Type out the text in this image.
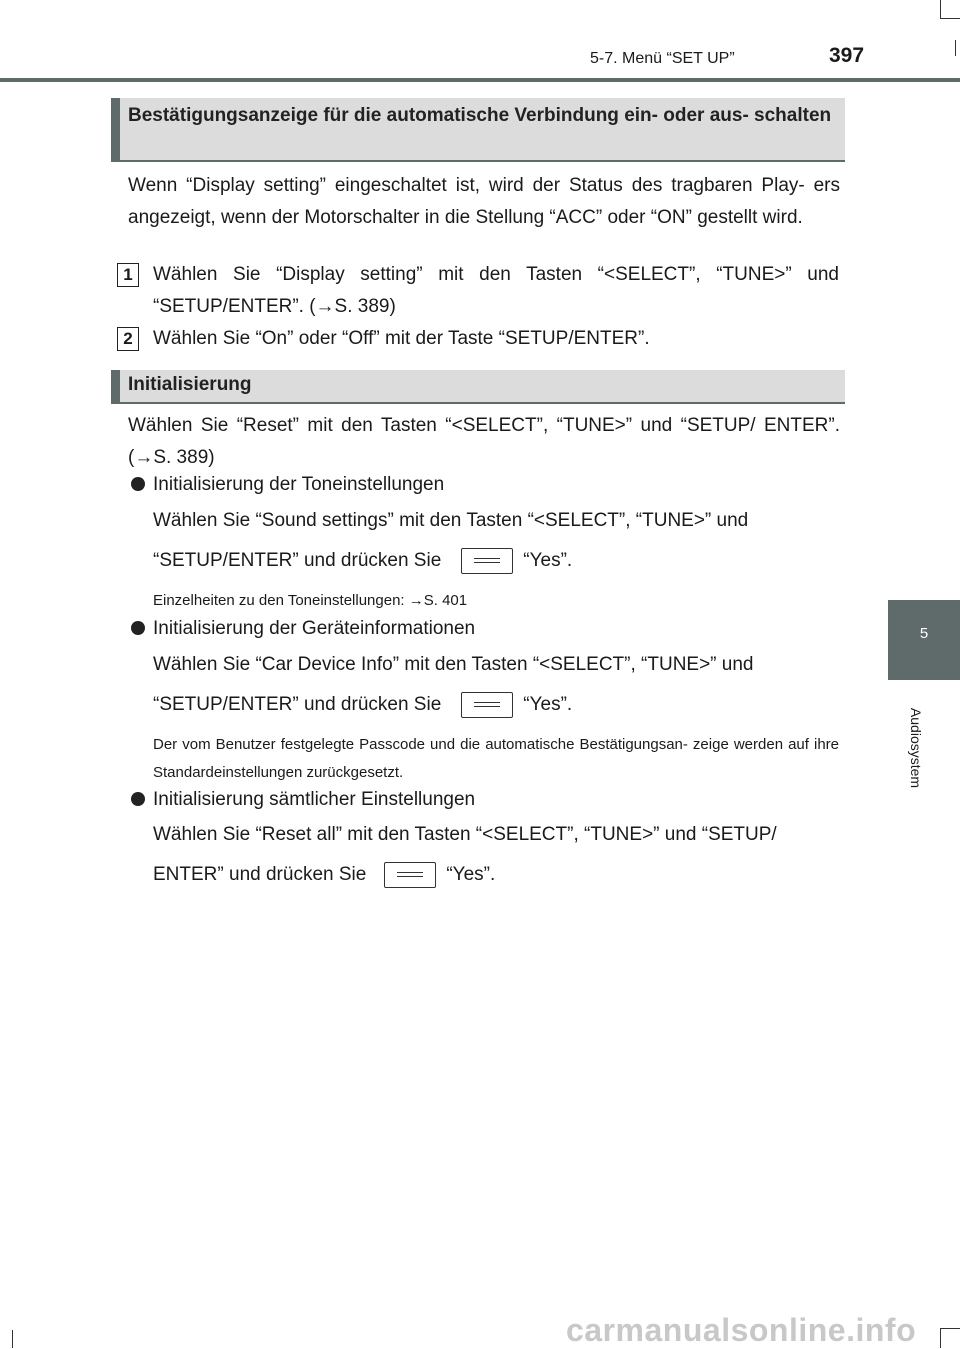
5-7. Menü “SET UP”	397
5
Audiosystem
Bestätigungsanzeige für die automatische Verbindung ein- oder aus- schalten
Wenn “Display setting” eingeschaltet ist, wird der Status des tragbaren Play- ers angezeigt, wenn der Motorschalter in die Stellung “ACC” oder “ON” gestellt wird.
1	Wählen Sie “Display setting” mit den Tasten “<SELECT”, “TUNE>” und “SETUP/ENTER”. (→S. 389)
2	Wählen Sie “On” oder “Off” mit der Taste “SETUP/ENTER”.
Initialisierung
Wählen Sie “Reset” mit den Tasten “<SELECT”, “TUNE>” und “SETUP/ ENTER”. (→S. 389)
Initialisierung der Toneinstellungen
Wählen Sie “Sound settings” mit den Tasten “<SELECT”, “TUNE>” und
“SETUP/ENTER” und drücken Sie	“Yes”.
Einzelheiten zu den Toneinstellungen: →S. 401
Initialisierung der Geräteinformationen
Wählen Sie “Car Device Info” mit den Tasten “<SELECT”, “TUNE>” und
“SETUP/ENTER” und drücken Sie	“Yes”.
Der vom Benutzer festgelegte Passcode und die automatische Bestätigungsan- zeige werden auf ihre Standardeinstellungen zurückgesetzt.
Initialisierung sämtlicher Einstellungen
Wählen Sie “Reset all” mit den Tasten “<SELECT”, “TUNE>” und “SETUP/
ENTER” und drücken Sie	“Yes”.
carmanualsonline.info
